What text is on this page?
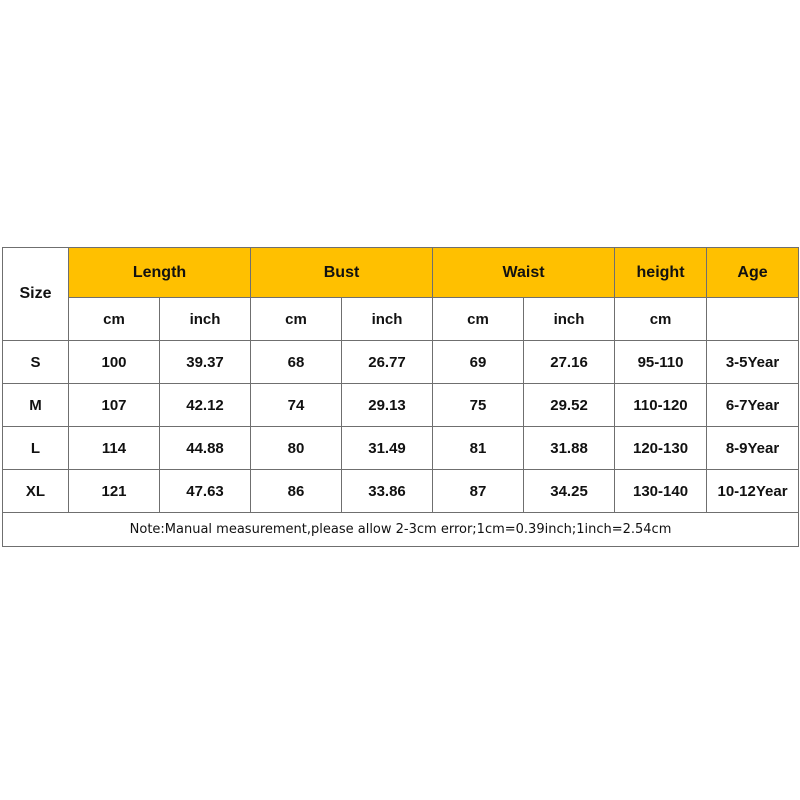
Size	Length		Bust		Waist		height	Age
	cm	inch	cm	inch	cm	inch	cm	
S	100	39.37	68	26.77	69	27.16	95-110	3-5Year
M	107	42.12	74	29.13	75	29.52	110-120	6-7Year
L	114	44.88	80	31.49	81	31.88	120-130	8-9Year
XL	121	47.63	86	33.86	87	34.25	130-140	10-12Year
Note:Manual measurement,please allow 2-3cm error;1cm=0.39inch;1inch=2.54cm								
